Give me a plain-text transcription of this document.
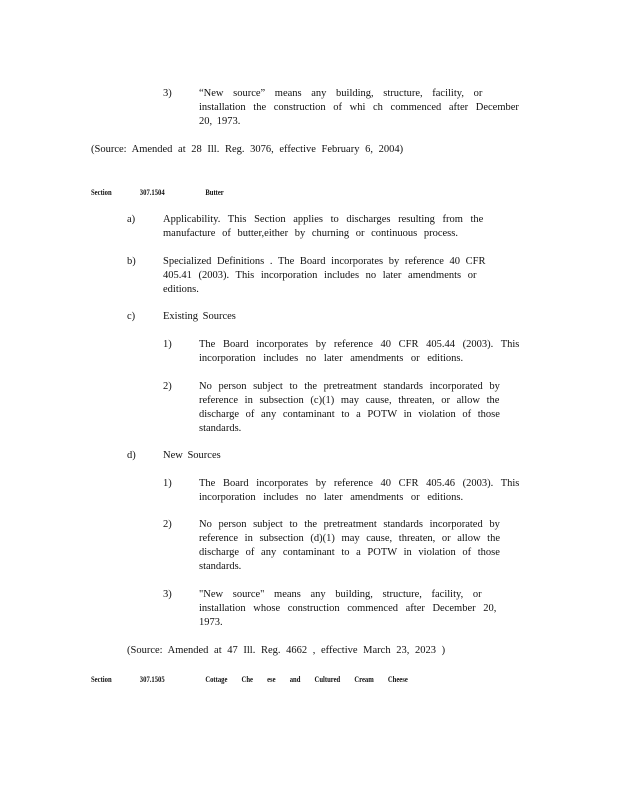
3)	“New source” means any building, structure, facility, or
installation the construction of whi ch commenced after December
20, 1973.
(Source: Amended at 28 Ill. Reg. 3076, effective February 6, 2004)
Section	307.1504	Butter
a)	Applicability. This Section applies to discharges resulting from the
manufacture of butter,either by churning or continuous process.
b)	Specialized Definitions . The Board incorporates by reference 40 CFR
405.41 (2003). This incorporation includes no later amendments or
editions.
c)	Existing Sources
1)	The Board incorporates by reference 40 CFR 405.44 (2003). This
incorporation includes no later amendments or editions.
2)	No person subject to the pretreatment standards incorporated by
reference in subsection (c)(1) may cause, threaten, or allow the
discharge of any contaminant to a POTW in violation of those
standards.
d)	New Sources
1)	The Board incorporates by reference 40 CFR 405.46 (2003). This
incorporation includes no later amendments or editions.
2)	No person subject to the pretreatment standards incorporated by
reference in subsection (d)(1) may cause, threaten, or allow the
discharge of any contaminant to a POTW in violation of those
standards.
3)	"New source" means any building, structure, facility, or
installation whose construction commenced after December 20,
1973.
(Source: Amended at 47 Ill. Reg. 4662 , effective March 23, 2023 )
Section	307.1505	Cottage Che ese and Cultured Cream Cheese
